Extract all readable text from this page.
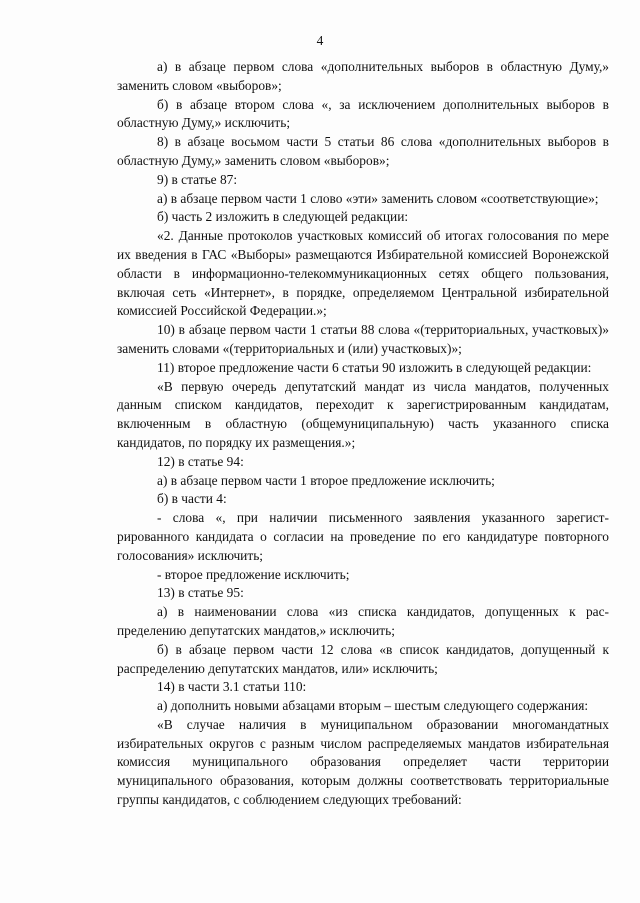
4

а) в абзаце первом слова «дополнительных выборов в областную Думу,» заменить словом «выборов»;

б) в абзаце втором слова «, за исключением дополнительных выборов в областную Думу,» исключить;

8) в абзаце восьмом части 5 статьи 86 слова «дополнительных выборов в областную Думу,» заменить словом «выборов»;

9) в статье 87:

а) в абзаце первом части 1 слово «эти» заменить словом «соответствующие»;

б) часть 2 изложить в следующей редакции:

«2. Данные протоколов участковых комиссий об итогах голосования по мере их введения в ГАС «Выборы» размещаются Избирательной комиссией Воронежской области в информационно-телекоммуникационных сетях общего пользования, включая сеть «Интернет», в порядке, определяемом Центральной избирательной комиссией Российской Федерации.»;

10) в абзаце первом части 1 статьи 88 слова «(территориальных, участковых)» заменить словами «(территориальных и (или) участковых)»;

11) второе предложение части 6 статьи 90 изложить в следующей редакции:

«В первую очередь депутатский мандат из числа мандатов, полученных данным списком кандидатов, переходит к зарегистрированным кандидатам, включенным в областную (общемуниципальную) часть указанного списка кандидатов, по порядку их размещения.»;

12) в статье 94:

а) в абзаце первом части 1 второе предложение исключить;

б) в части 4:

- слова «, при наличии письменного заявления указанного зарегистрированного кандидата о согласии на проведение по его кандидатуре повторного голосования» исключить;

- второе предложение исключить;

13) в статье 95:

а) в наименовании слова «из списка кандидатов, допущенных к распределению депутатских мандатов,» исключить;

б) в абзаце первом части 12 слова «в список кандидатов, допущенный к распределению депутатских мандатов, или» исключить;

14) в части 3.1 статьи 110:

а) дополнить новыми абзацами вторым – шестым следующего содержания:

«В случае наличия в муниципальном образовании многомандатных избирательных округов с разным числом распределяемых мандатов избирательная комиссия муниципального образования определяет части территории муниципального образования, которым должны соответствовать территориальные группы кандидатов, с соблюдением следующих требований:
